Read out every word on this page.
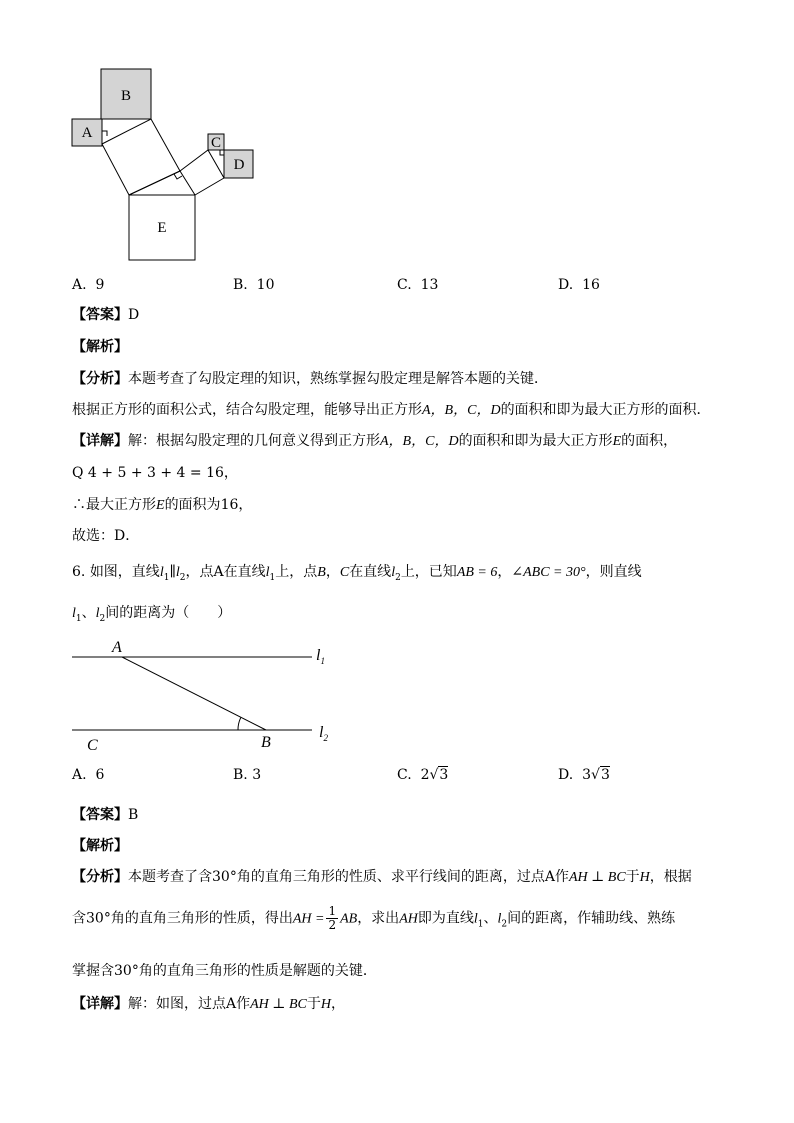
B
A
C
D
E
A. 9	B. 10	C. 13	D. 16
【答案】D
【解析】
【分析】本题考查了勾股定理的知识，熟练掌握勾股定理是解答本题的关键．
根据正方形的面积公式，结合勾股定理，能够导出正方形A，B，C，D的面积和即为最大正方形的面积．
【详解】解：根据勾股定理的几何意义得到正方形A，B，C，D的面积和即为最大正方形E的面积，
Q 4 + 5 + 3 + 4 = 16，
∴最大正方形E的面积为16，
故选：D．
6. 如图，直线$l_1\parallel l_2$，点A在直线$l_1$上，点B，C在直线$l_2$上，已知AB = 6，∠ABC = 30°，则直线
$l_1$、$l_2$间的距离为（　　）
A	$l_1$
C	B
$l_2$
A. 6	B. 3	C. 2√3	D. 3√3
【答案】B
【解析】
【分析】本题考查了含30°角的直角三角形的性质、求平行线间的距离，过点A作AH ⊥ BC于H，根据
含30°角的直角三角形的性质，得出AH = $\frac{1}{2}$ AB，求出AH即为直线$l_1$、$l_2$间的距离，作辅助线、熟练
掌握含30°角的直角三角形的性质是解题的关键．
【详解】解：如图，过点A作AH ⊥ BC于H，
